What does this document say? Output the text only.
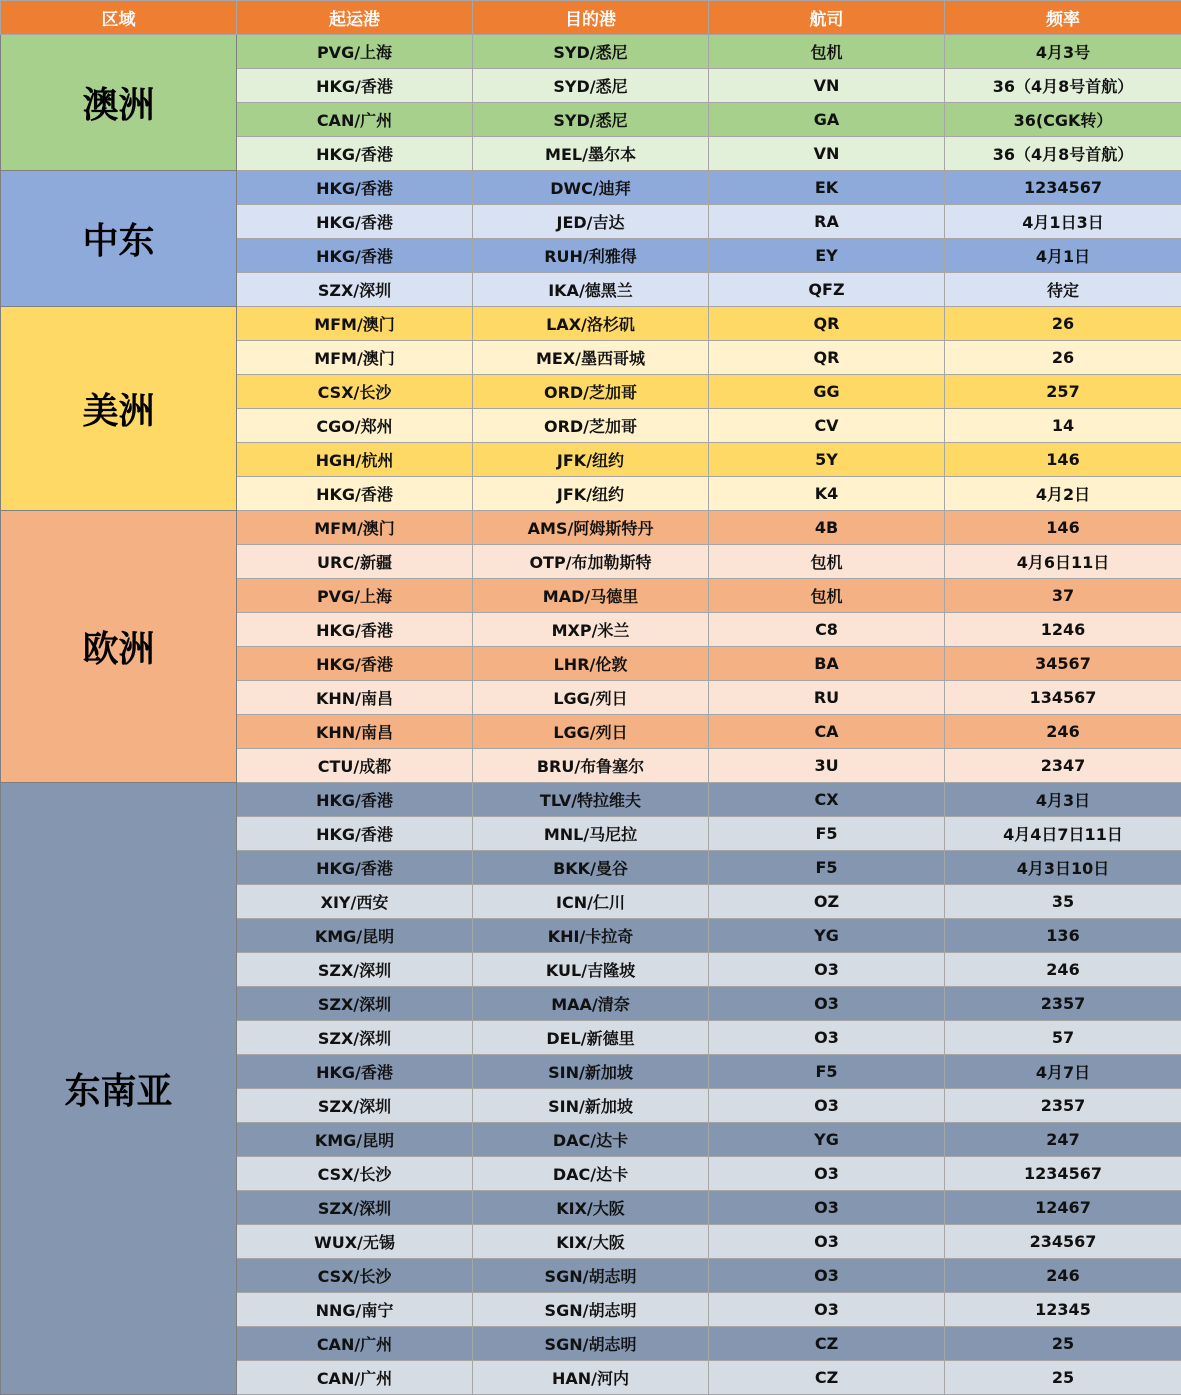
区域	起运港	目的港	航司	频率
澳洲	PVG/上海	SYD/悉尼	包机	4月3号
	HKG/香港	SYD/悉尼	VN	36（4月8号首航）
	CAN/广州	SYD/悉尼	GA	36(CGK转）
	HKG/香港	MEL/墨尔本	VN	36（4月8号首航）
中东	HKG/香港	DWC/迪拜	EK	1234567
	HKG/香港	JED/吉达	RA	4月1日3日
	HKG/香港	RUH/利雅得	EY	4月1日
	SZX/深圳	IKA/德黑兰	QFZ	待定
美洲	MFM/澳门	LAX/洛杉矶	QR	26
	MFM/澳门	MEX/墨西哥城	QR	26
	CSX/长沙	ORD/芝加哥	GG	257
	CGO/郑州	ORD/芝加哥	CV	14
	HGH/杭州	JFK/纽约	5Y	146
	HKG/香港	JFK/纽约	K4	4月2日
欧洲	MFM/澳门	AMS/阿姆斯特丹	4B	146
	URC/新疆	OTP/布加勒斯特	包机	4月6日11日
	PVG/上海	MAD/马德里	包机	37
	HKG/香港	MXP/米兰	C8	1246
	HKG/香港	LHR/伦敦	BA	34567
	KHN/南昌	LGG/列日	RU	134567
	KHN/南昌	LGG/列日	CA	246
	CTU/成都	BRU/布鲁塞尔	3U	2347
东南亚	HKG/香港	TLV/特拉维夫	CX	4月3日
	HKG/香港	MNL/马尼拉	F5	4月4日7日11日
	HKG/香港	BKK/曼谷	F5	4月3日10日
	XIY/西安	ICN/仁川	OZ	35
	KMG/昆明	KHI/卡拉奇	YG	136
	SZX/深圳	KUL/吉隆坡	O3	246
	SZX/深圳	MAA/清奈	O3	2357
	SZX/深圳	DEL/新德里	O3	57
	HKG/香港	SIN/新加坡	F5	4月7日
	SZX/深圳	SIN/新加坡	O3	2357
	KMG/昆明	DAC/达卡	YG	247
	CSX/长沙	DAC/达卡	O3	1234567
	SZX/深圳	KIX/大阪	O3	12467
	WUX/无锡	KIX/大阪	O3	234567
	CSX/长沙	SGN/胡志明	O3	246
	NNG/南宁	SGN/胡志明	O3	12345
	CAN/广州	SGN/胡志明	CZ	25
	CAN/广州	HAN/河内	CZ	25
